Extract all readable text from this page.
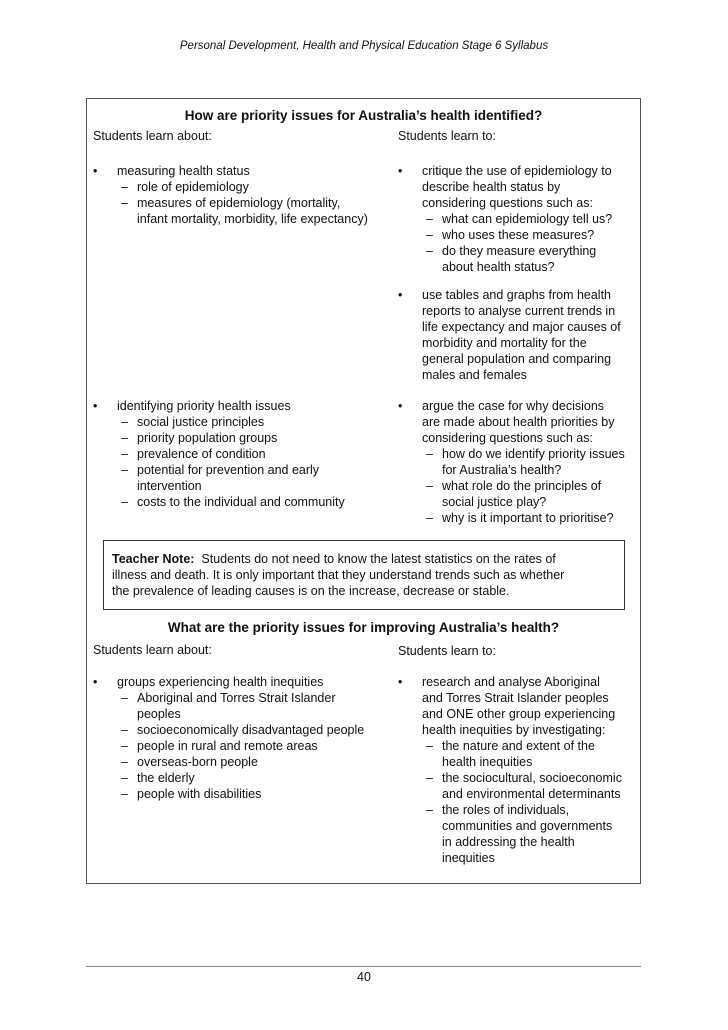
Personal Development, Health and Physical Education Stage 6 Syllabus
How are priority issues for Australia’s health identified?
Students learn about:	Students learn to:
• measuring health status
– role of epidemiology
– measures of epidemiology (mortality,
infant mortality, morbidity, life expectancy)
• identifying priority health issues
– social justice principles
– priority population groups
– prevalence of condition
– potential for prevention and early
intervention
– costs to the individual and community
• critique the use of epidemiology to
describe health status by
considering questions such as:
– what can epidemiology tell us?
– who uses these measures?
– do they measure everything
about health status?
• use tables and graphs from health
reports to analyse current trends in
life expectancy and major causes of
morbidity and mortality for the
general population and comparing
males and females
• argue the case for why decisions
are made about health priorities by
considering questions such as:
– how do we identify priority issues
for Australia’s health?
– what role do the principles of
social justice play?
– why is it important to prioritise?
Teacher Note: Students do not need to know the latest statistics on the rates of
illness and death. It is only important that they understand trends such as whether
the prevalence of leading causes is on the increase, decrease or stable.
What are the priority issues for improving Australia’s health?
Students learn about:	Students learn to:
• groups experiencing health inequities
– Aboriginal and Torres Strait Islander
peoples
– socioeconomically disadvantaged people
– people in rural and remote areas
– overseas-born people
– the elderly
– people with disabilities
• research and analyse Aboriginal
and Torres Strait Islander peoples
and ONE other group experiencing
health inequities by investigating:
– the nature and extent of the
health inequities
– the sociocultural, socioeconomic
and environmental determinants
– the roles of individuals,
communities and governments
in addressing the health
inequities
40
